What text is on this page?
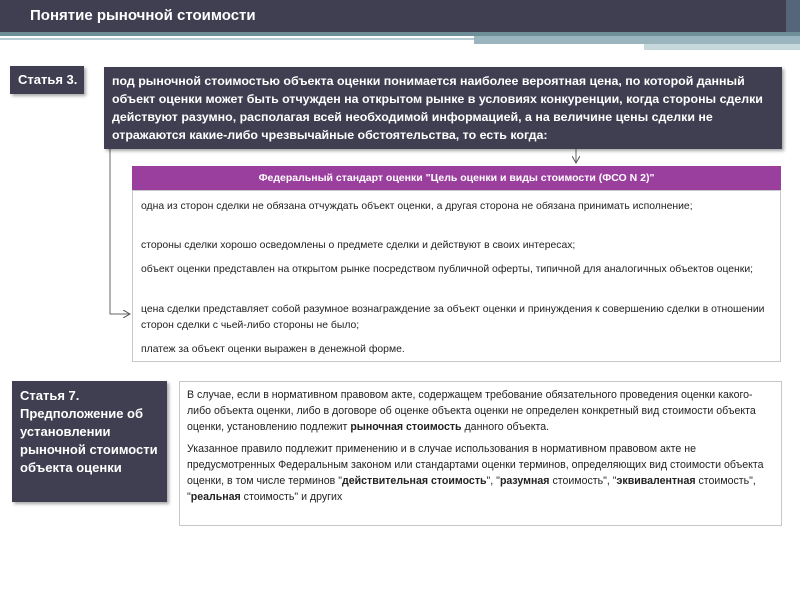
Понятие рыночной стоимости
Статья 3.	под рыночной стоимостью объекта оценки понимается наиболее вероятная цена, по которой данный объект оценки может быть отчужден на открытом рынке в условиях конкуренции, когда стороны сделки действуют разумно, располагая всей необходимой информацией, а на величине цены сделки не отражаются какие-либо чрезвычайные обстоятельства, то есть когда:
Федеральный стандарт оценки "Цель оценки и виды стоимости (ФСО N 2)"
одна из сторон сделки не обязана отчуждать объект оценки, а другая сторона не обязана принимать исполнение;
стороны сделки хорошо осведомлены о предмете сделки и действуют в своих интересах;
объект оценки представлен на открытом рынке посредством публичной оферты, типичной для аналогичных объектов оценки;
цена сделки представляет собой разумное вознаграждение за объект оценки и принуждения к совершению сделки в отношении сторон сделки с чьей-либо стороны не было;
платеж за объект оценки выражен в денежной форме.
Статья 7. Предположение об установлении рыночной стоимости объекта оценки

В случае, если в нормативном правовом акте, содержащем требование обязательного проведения оценки какого-либо объекта оценки, либо в договоре об оценке объекта оценки не определен конкретный вид стоимости объекта оценки, установлению подлежит рыночная стоимость данного объекта.

Указанное правило подлежит применению и в случае использования в нормативном правовом акте не предусмотренных Федеральным законом или стандартами оценки терминов, определяющих вид стоимости объекта оценки, в том числе терминов "действительная стоимость", "разумная стоимость", "эквивалентная стоимость", "реальная стоимость" и других
